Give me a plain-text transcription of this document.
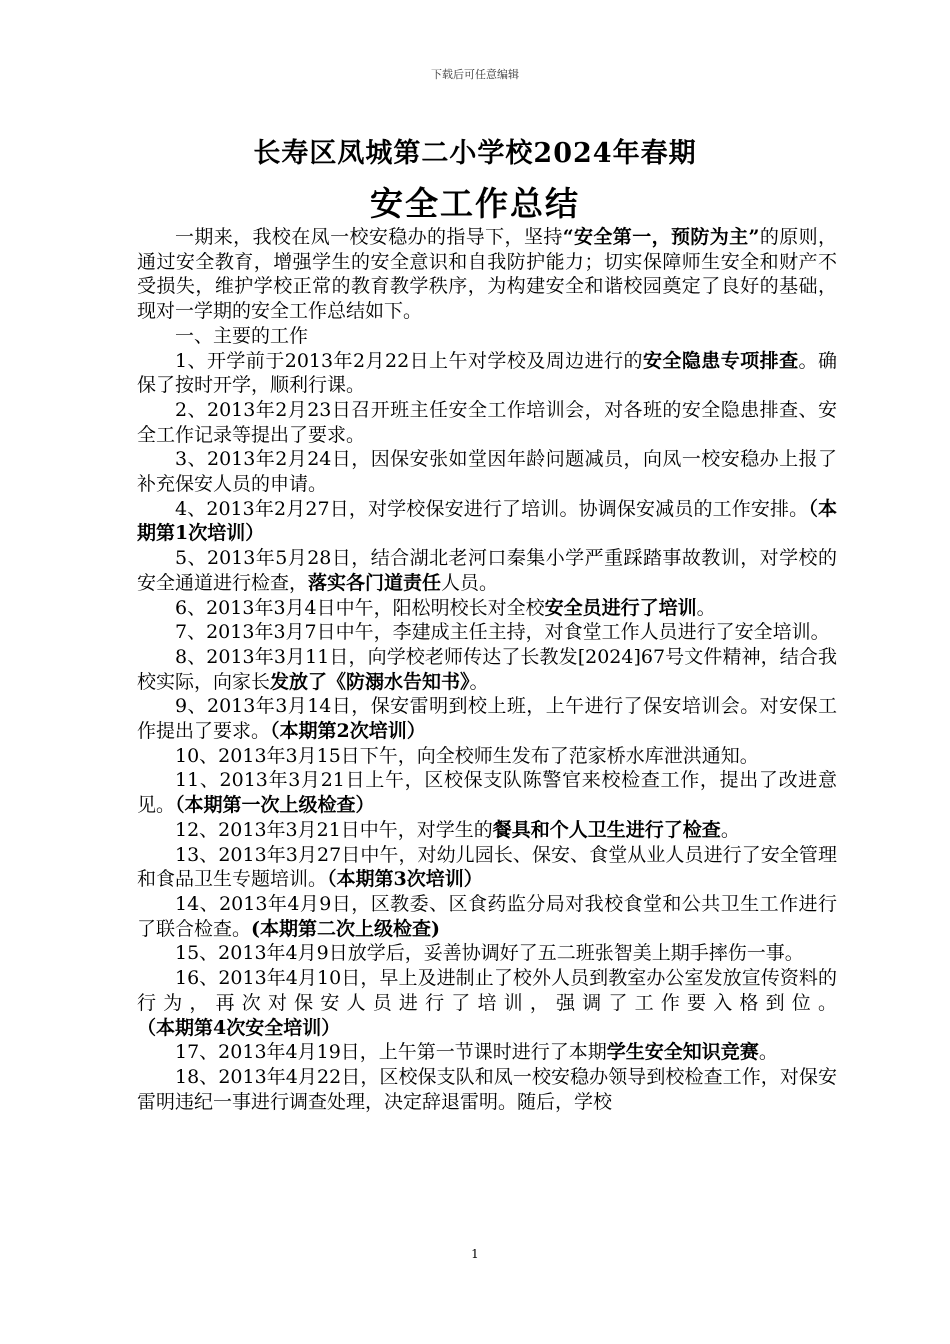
下载后可任意编辑
长寿区凤城第二小学校2024年春期
安全工作总结

一期来，我校在凤一校安稳办的指导下，坚持“安全第一，预防为主”的原则，通过安全教育，增强学生的安全意识和自我防护能力；切实保障师生安全和财产不受损失，维护学校正常的教育教学秩序，为构建安全和谐校园奠定了良好的基础，现对一学期的安全工作总结如下。

一、主要的工作

1、开学前于2013年2月22日上午对学校及周边进行的安全隐患专项排查。确保了按时开学，顺利行课。

2、2013年2月23日召开班主任安全工作培训会，对各班的安全隐患排查、安全工作记录等提出了要求。

3、2013年2月24日，因保安张如堂因年龄问题减员，向凤一校安稳办上报了补充保安人员的申请。

4、2013年2月27日，对学校保安进行了培训。协调保安减员的工作安排。（本期第1次培训）

5、2013年5月28日，结合湖北老河口秦集小学严重踩踏事故教训，对学校的安全通道进行检查，落实各门道责任人员。

6、2013年3月4日中午，阳松明校长对全校安全员进行了培训。

7、2013年3月7日中午，李建成主任主持，对食堂工作人员进行了安全培训。

8、2013年3月11日，向学校老师传达了长教发[2024]67号文件精神，结合我校实际，向家长发放了《防溺水告知书》。

9、2013年3月14日，保安雷明到校上班，上午进行了保安培训会。对安保工作提出了要求。（本期第2次培训）

10、2013年3月15日下午，向全校师生发布了范家桥水库泄洪通知。

11、2013年3月21日上午，区校保支队陈警官来校检查工作，提出了改进意见。（本期第一次上级检查）

12、2013年3月21日中午，对学生的餐具和个人卫生进行了检查。

13、2013年3月27日中午，对幼儿园长、保安、食堂从业人员进行了安全管理和食品卫生专题培训。（本期第3次培训）

14、2013年4月9日，区教委、区食药监分局对我校食堂和公共卫生工作进行了联合检查。(本期第二次上级检查)

15、2013年4月9日放学后，妥善协调好了五二班张智美上期手摔伤一事。

16、2013年4月10日，早上及进制止了校外人员到教室办公室发放宣传资料的行为，再次对保安人员进行了培训，强调了工作要入格到位。（本期第4次安全培训）

17、2013年4月19日，上午第一节课时进行了本期学生安全知识竞赛。

18、2013年4月22日，区校保支队和凤一校安稳办领导到校检查工作，对保安雷明违纪一事进行调查处理，决定辞退雷明。随后，学校

1
